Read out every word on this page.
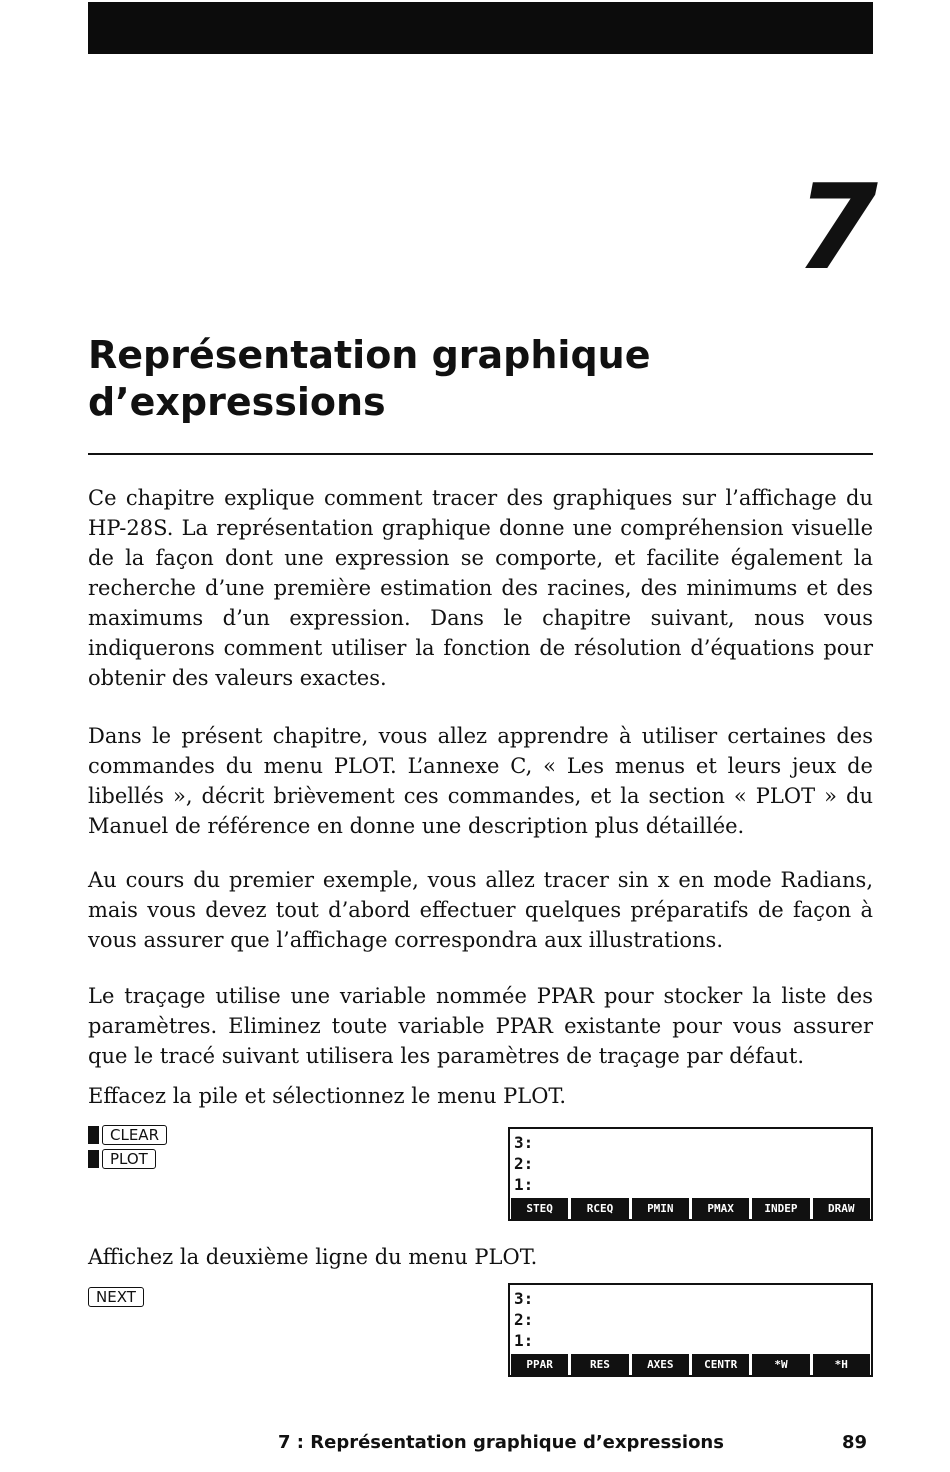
7
Représentation graphique
d’expressions

Ce chapitre explique comment tracer des graphiques sur l’affichage du HP-28S. La représentation graphique donne une compréhension visuelle de la façon dont une expression se comporte, et facilite également la recherche d’une première estimation des racines, des minimums et des maximums d’un expression. Dans le chapitre suivant, nous vous indiquerons comment utiliser la fonction de résolution d’équations pour obtenir des valeurs exactes.

Dans le présent chapitre, vous allez apprendre à utiliser certaines des commandes du menu PLOT. L’annexe C, « Les menus et leurs jeux de libellés », décrit brièvement ces commandes, et la section « PLOT » du Manuel de référence en donne une description plus détaillée.

Au cours du premier exemple, vous allez tracer sin x en mode Radians, mais vous devez tout d’abord effectuer quelques préparatifs de façon à vous assurer que l’affichage correspondra aux illustrations.

Le traçage utilise une variable nommée PPAR pour stocker la liste des paramètres. Eliminez toute variable PPAR existante pour vous assurer que le tracé suivant utilisera les paramètres de traçage par défaut.

Effacez la pile et sélectionnez le menu PLOT.

CLEAR
PLOT
3:
2:
1:
STEQ	RCEQ	PMIN	PMAX	INDEP	DRAW

Affichez la deuxième ligne du menu PLOT.

NEXT	3:
2:
1:
PPAR	RES	AXES	CENTR	*W	*H
7 : Représentation graphique d’expressions	89
